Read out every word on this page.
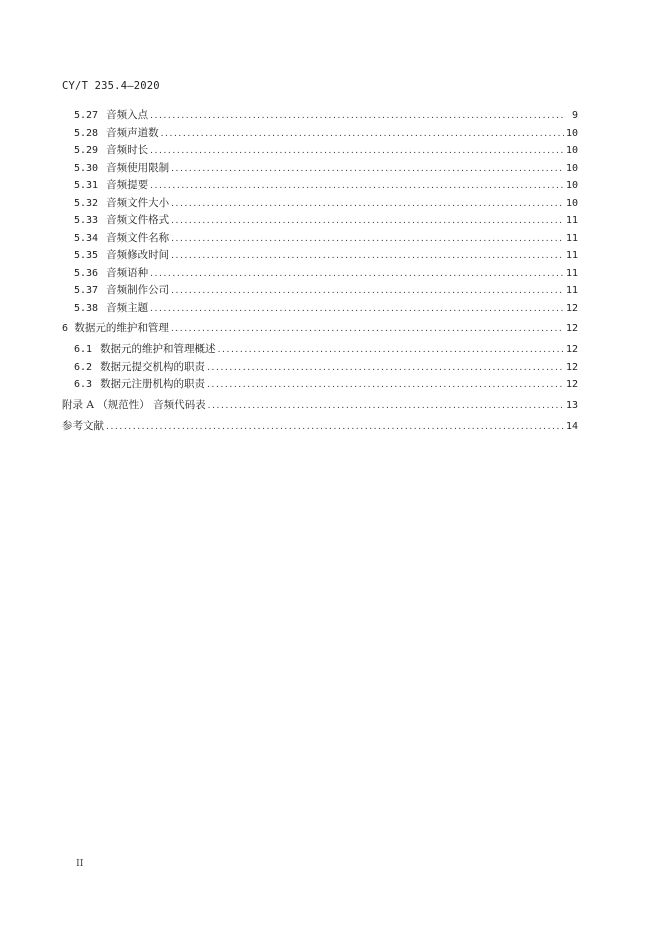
CY/T 235.4—2020
5.27 音频入点 .....	9
5.28 音频声道数 .....	10
5.29 音频时长 .....	10
5.30 音频使用限制 .....	10
5.31 音频提要 .....	10
5.32 音频文件大小 .....	10
5.33 音频文件格式 .....	11
5.34 音频文件名称 .....	11
5.35 音频修改时间 .....	11
5.36 音频语种 .....	11
5.37 音频制作公司 .....	11
5.38 音频主题 .....	12
6 数据元的维护和管理 .....	12
6.1 数据元的维护和管理概述 .....	12
6.2 数据元提交机构的职责 .....	12
6.3 数据元注册机构的职责 .....	12
附录 A （规范性） 音频代码表 .....	13
参考文献 .....	14
II
